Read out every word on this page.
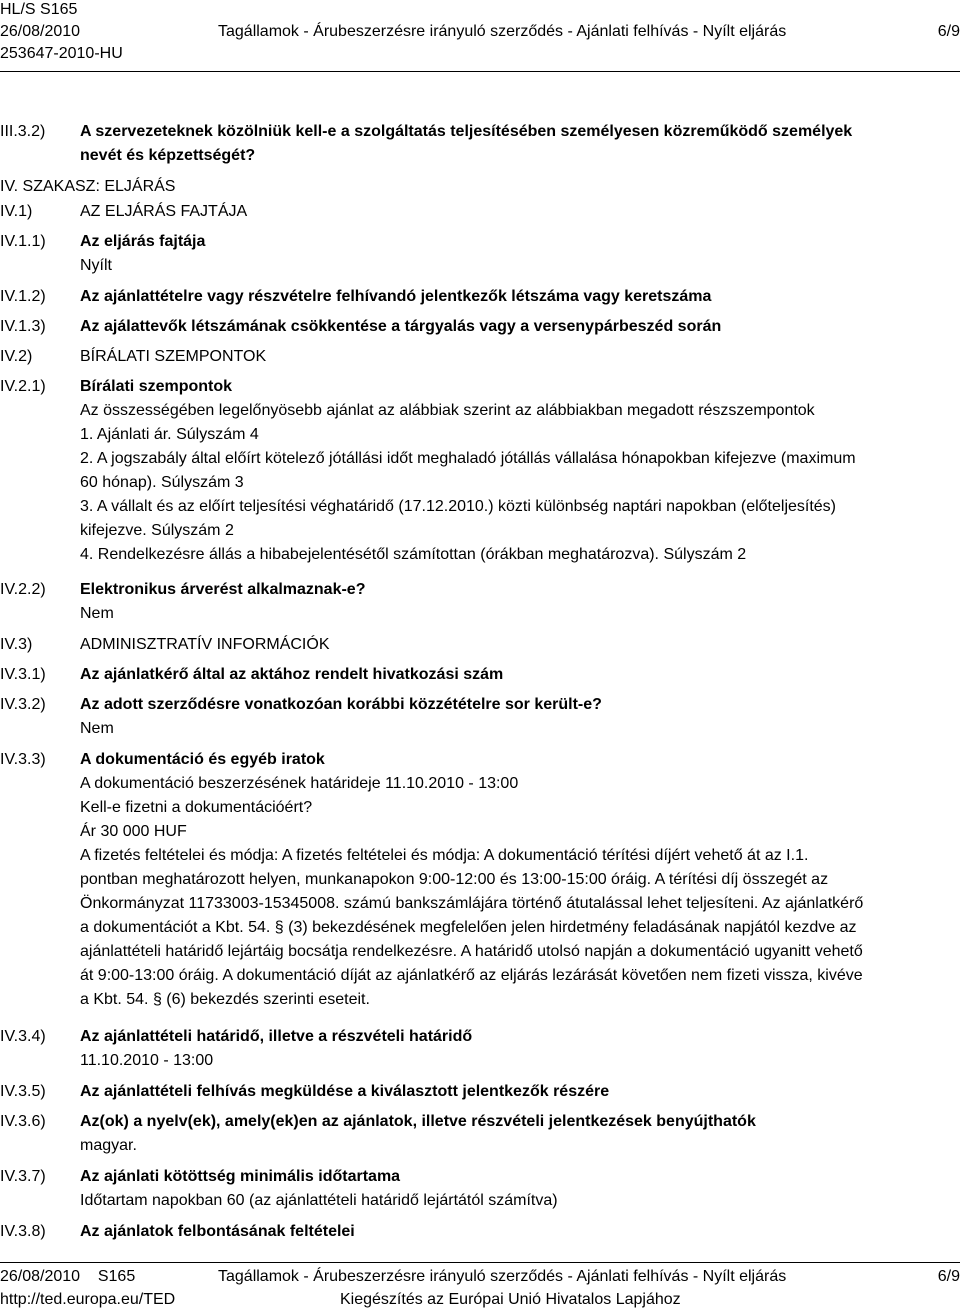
HL/S S165
26/08/2010
253647-2010-HU
Tagállamok - Árubeszerzésre irányuló szerződés - Ajánlati felhívás - Nyílt eljárás	6/9
III.3.2)	A szervezeteknek közölniük kell-e a szolgáltatás teljesítésében személyesen közreműködő személyek

nevét és képzettségét?

IV. SZAKASZ: ELJÁRÁS
IV.1)	AZ ELJÁRÁS FAJTÁJA
IV.1.1)	Az eljárás fajtája

Nyílt

IV.1.2)	Az ajánlattételre vagy részvételre felhívandó jelentkezők létszáma vagy keretszáma
IV.1.3)	Az ajálattevők létszámának csökkentése a tárgyalás vagy a versenypárbeszéd során
IV.2)	BÍRÁLATI SZEMPONTOK
IV.2.1)	Bírálati szempontok

Az összességében legelőnyösebb ajánlat az alábbiak szerint az alábbiakban megadott részszempontok

1. Ajánlati ár. Súlyszám 4

2. A jogszabály által előírt kötelező jótállási időt meghaladó jótállás vállalása hónapokban kifejezve (maximum

60 hónap). Súlyszám 3

3. A vállalt és az előírt teljesítési véghatáridő (17.12.2010.) közti különbség naptári napokban (előteljesítés)

kifejezve. Súlyszám 2

4. Rendelkezésre állás a hibabejelentésétől számítottan (órákban meghatározva). Súlyszám 2

IV.2.2)	Elektronikus árverést alkalmaznak-e?

Nem

IV.3)	ADMINISZTRATÍV INFORMÁCIÓK
IV.3.1)	Az ajánlatkérő által az aktához rendelt hivatkozási szám
IV.3.2)	Az adott szerződésre vonatkozóan korábbi közzétételre sor került-e?

Nem

IV.3.3)	A dokumentáció és egyéb iratok

A dokumentáció beszerzésének határideje 11.10.2010 - 13:00

Kell-e fizetni a dokumentációért?

Ár 30 000 HUF

A fizetés feltételei és módja: A fizetés feltételei és módja: A dokumentáció térítési díjért vehető át az I.1.

pontban meghatározott helyen, munkanapokon 9:00-12:00 és 13:00-15:00 óráig. A térítési díj összegét az

Önkormányzat 11733003-15345008. számú bankszámlájára történő átutalással lehet teljesíteni. Az ajánlatkérő

a dokumentációt a Kbt. 54. § (3) bekezdésének megfelelően jelen hirdetmény feladásának napjától kezdve az

ajánlattételi határidő lejártáig bocsátja rendelkezésre. A határidő utolsó napján a dokumentáció ugyanitt vehető

át 9:00-13:00 óráig. A dokumentáció díját az ajánlatkérő az eljárás lezárását követően nem fizeti vissza, kivéve

a Kbt. 54. § (6) bekezdés szerinti eseteit.

IV.3.4)	Az ajánlattételi határidő, illetve a részvételi határidő

11.10.2010 - 13:00

IV.3.5)	Az ajánlattételi felhívás megküldése a kiválasztott jelentkezők részére
IV.3.6)	Az(ok) a nyelv(ek), amely(ek)en az ajánlatok, illetve részvételi jelentkezések benyújthatók

magyar.

IV.3.7)	Az ajánlati kötöttség minimális időtartama

Időtartam napokban 60 (az ajánlattételi határidő lejártától számítva)

IV.3.8)	Az ajánlatok felbontásának feltételei
26/08/2010    S165
http://ted.europa.eu/TED
Tagállamok - Árubeszerzésre irányuló szerződés - Ajánlati felhívás - Nyílt eljárás
Kiegészítés az Európai Unió Hivatalos Lapjához
6/9
